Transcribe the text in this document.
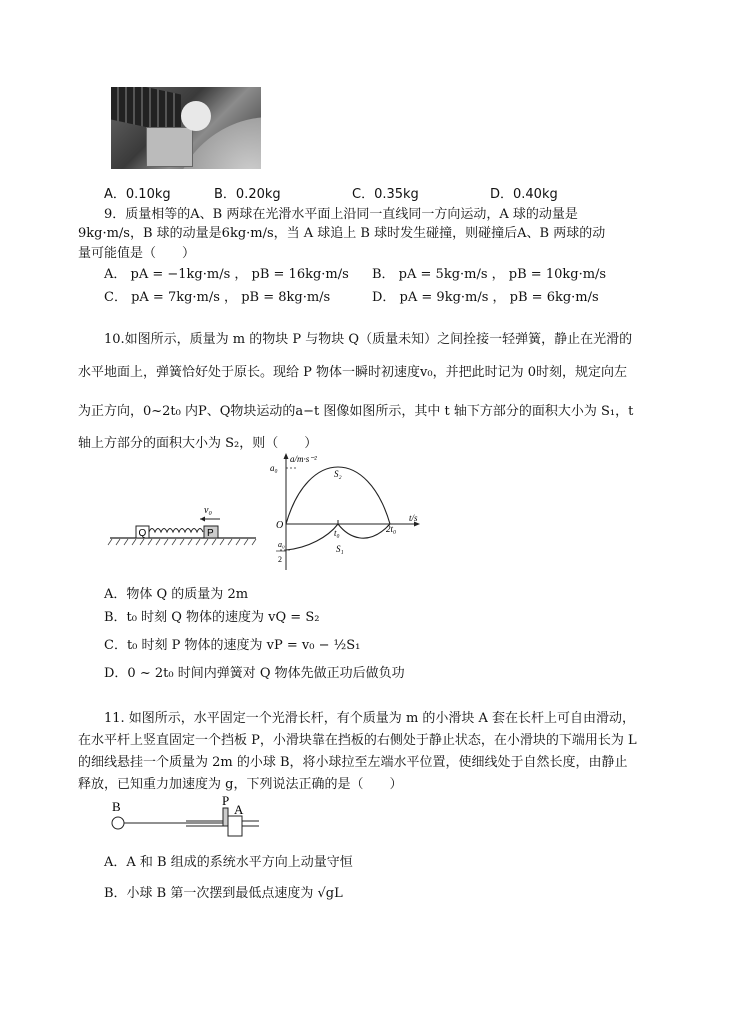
A．0.10kg	B．0.20kg	C．0.35kg	D．0.40kg
9．质量相等的A、B 两球在光滑水平面上沿同一直线同一方向运动，A 球的动量是
9kg·m/s，B 球的动量是6kg·m/s，当 A 球追上 B 球时发生碰撞，则碰撞后A、B 两球的动
量可能值是（　　）
A． pA = −1kg·m/s ， pB = 16kg·m/s B． pA = 5kg·m/s ， pB = 10kg·m/s
C． pA = 7kg·m/s ， pB = 8kg·m/s	D． pA = 9kg·m/s ， pB = 6kg·m/s
10.如图所示，质量为 m 的物块 P 与物块 Q（质量未知）之间拴接一轻弹簧，静止在光滑的
水平地面上，弹簧恰好处于原长。现给 P 物体一瞬时初速度v₀，并把此时记为 0时刻，规定向左
为正方向，0~2t₀ 内P、Q物块运动的a−t 图像如图所示，其中 t 轴下方部分的面积大小为 S₁，t
轴上方部分的面积大小为 S₂，则（　　）
Q	P
v₀
a/m·s⁻²
t/s
a₀
O
S₂
S₁
t₀	2t₀
a₀
2
A．物体 Q 的质量为 2m
B．t₀ 时刻 Q 物体的速度为 vQ = S₂
C．t₀ 时刻 P 物体的速度为 vP = v₀ − ½S₁
D．0 ~ 2t₀ 时间内弹簧对 Q 物体先做正功后做负功
11. 如图所示，水平固定一个光滑长杆，有个质量为 m 的小滑块 A 套在长杆上可自由滑动，
在水平杆上竖直固定一个挡板 P，小滑块靠在挡板的右侧处于静止状态，在小滑块的下端用长为 L
的细线悬挂一个质量为 2m 的小球 B，将小球拉至左端水平位置，使细线处于自然长度，由静止
释放，已知重力加速度为 g，下列说法正确的是（　　）
B	P
A
A．A 和 B 组成的系统水平方向上动量守恒
B．小球 B 第一次摆到最低点速度为 √gL
